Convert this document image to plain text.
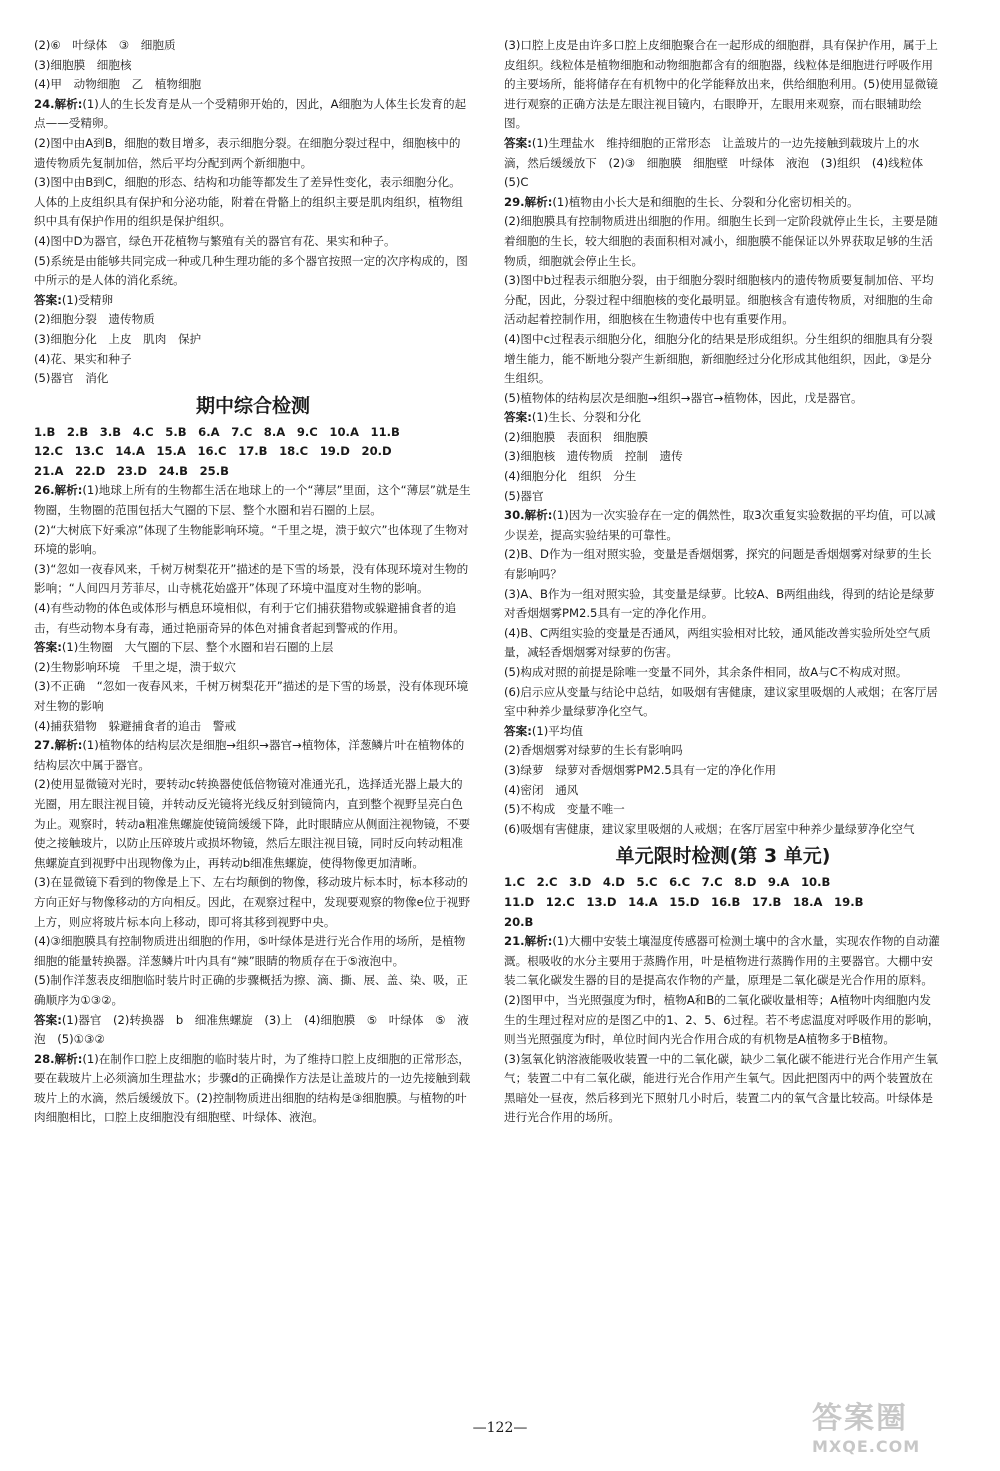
(2)⑥　叶绿体　③　细胞质

(3)细胞膜　细胞核

(4)甲　动物细胞　乙　植物细胞

24.解析:(1)人的生长发育是从一个受精卵开始的，因此，A细胞为人体生长发育的起点——受精卵。

(2)图中由A到B，细胞的数目增多，表示细胞分裂。在细胞分裂过程中，细胞核中的遗传物质先复制加倍，然后平均分配到两个新细胞中。

(3)图中由B到C，细胞的形态、结构和功能等都发生了差异性变化，表示细胞分化。人体的上皮组织具有保护和分泌功能，附着在骨骼上的组织主要是肌肉组织，植物组织中具有保护作用的组织是保护组织。

(4)图中D为器官，绿色开花植物与繁殖有关的器官有花、果实和种子。

(5)系统是由能够共同完成一种或几种生理功能的多个器官按照一定的次序构成的，图中所示的是人体的消化系统。

答案:(1)受精卵

(2)细胞分裂　遗传物质

(3)细胞分化　上皮　肌肉　保护

(4)花、果实和种子

(5)器官　消化

期中综合检测

1.B　2.B　3.B　4.C　5.B　6.A　7.C　8.A　9.C　10.A　11.B

12.C　13.C　14.A　15.A　16.C　17.B　18.C　19.D　20.D

21.A　22.D　23.D　24.B　25.B

26.解析:(1)地球上所有的生物都生活在地球上的一个“薄层”里面，这个“薄层”就是生物圈，生物圈的范围包括大气圈的下层、整个水圈和岩石圈的上层。

(2)“大树底下好乘凉”体现了生物能影响环境。“千里之堤，溃于蚁穴”也体现了生物对环境的影响。

(3)“忽如一夜春风来，千树万树梨花开”描述的是下雪的场景，没有体现环境对生物的影响；“人间四月芳菲尽，山寺桃花始盛开”体现了环境中温度对生物的影响。

(4)有些动物的体色或体形与栖息环境相似，有利于它们捕获猎物或躲避捕食者的追击，有些动物本身有毒，通过艳丽奇异的体色对捕食者起到警戒的作用。

答案:(1)生物圈　大气圈的下层、整个水圈和岩石圈的上层

(2)生物影响环境　千里之堤，溃于蚁穴

(3)不正确　“忽如一夜春风来，千树万树梨花开”描述的是下雪的场景，没有体现环境对生物的影响

(4)捕获猎物　躲避捕食者的追击　警戒

27.解析:(1)植物体的结构层次是细胞→组织→器官→植物体，洋葱鳞片叶在植物体的结构层次中属于器官。

(2)使用显微镜对光时，要转动c转换器使低倍物镜对准通光孔，选择适光器上最大的光圈，用左眼注视目镜，并转动反光镜将光线反射到镜筒内，直到整个视野呈亮白色为止。观察时，转动a粗准焦螺旋使镜筒缓缓下降，此时眼睛应从侧面注视物镜，不要使之接触玻片，以防止压碎玻片或损坏物镜，然后左眼注视目镜，同时反向转动粗准焦螺旋直到视野中出现物像为止，再转动b细准焦螺旋，使得物像更加清晰。

(3)在显微镜下看到的物像是上下、左右均颠倒的物像，移动玻片标本时，标本移动的方向正好与物像移动的方向相反。因此，在观察过程中，发现要观察的物像e位于视野上方，则应将玻片标本向上移动，即可将其移到视野中央。

(4)③细胞膜具有控制物质进出细胞的作用，⑤叶绿体是进行光合作用的场所，是植物细胞的能量转换器。洋葱鳞片叶内具有“辣”眼睛的物质存在于⑤液泡中。

(5)制作洋葱表皮细胞临时装片时正确的步骤概括为擦、滴、撕、展、盖、染、吸，正确顺序为①③②。

答案:(1)器官　(2)转换器　b　细准焦螺旋　(3)上　(4)细胞膜　⑤　叶绿体　⑤　液泡　(5)①③②

28.解析:(1)在制作口腔上皮细胞的临时装片时，为了维持口腔上皮细胞的正常形态，要在载玻片上必须滴加生理盐水；步骤d的正确操作方法是让盖玻片的一边先接触到载玻片上的水滴，然后缓缓放下。(2)控制物质进出细胞的结构是③细胞膜。与植物的叶肉细胞相比，口腔上皮细胞没有细胞壁、叶绿体、液泡。

(3)口腔上皮是由许多口腔上皮细胞聚合在一起形成的细胞群，具有保护作用，属于上皮组织。线粒体是植物细胞和动物细胞都含有的细胞器，线粒体是细胞进行呼吸作用的主要场所，能将储存在有机物中的化学能释放出来，供给细胞利用。(5)使用显微镜进行观察的正确方法是左眼注视目镜内，右眼睁开，左眼用来观察，而右眼辅助绘图。

答案:(1)生理盐水　维持细胞的正常形态　让盖玻片的一边先接触到载玻片上的水滴，然后缓缓放下　(2)③　细胞膜　细胞壁　叶绿体　液泡　(3)组织　(4)线粒体　(5)C

29.解析:(1)植物由小长大是和细胞的生长、分裂和分化密切相关的。

(2)细胞膜具有控制物质进出细胞的作用。细胞生长到一定阶段就停止生长，主要是随着细胞的生长，较大细胞的表面积相对减小，细胞膜不能保证以外界获取足够的生活物质，细胞就会停止生长。

(3)图中b过程表示细胞分裂，由于细胞分裂时细胞核内的遗传物质要复制加倍、平均分配，因此，分裂过程中细胞核的变化最明显。细胞核含有遗传物质，对细胞的生命活动起着控制作用，细胞核在生物遗传中也有重要作用。

(4)图中c过程表示细胞分化，细胞分化的结果是形成组织。分生组织的细胞具有分裂增生能力，能不断地分裂产生新细胞，新细胞经过分化形成其他组织，因此，③是分生组织。

(5)植物体的结构层次是细胞→组织→器官→植物体，因此，戊是器官。

答案:(1)生长、分裂和分化

(2)细胞膜　表面积　细胞膜

(3)细胞核　遗传物质　控制　遗传

(4)细胞分化　组织　分生

(5)器官

30.解析:(1)因为一次实验存在一定的偶然性，取3次重复实验数据的平均值，可以减少误差，提高实验结果的可靠性。

(2)B、D作为一组对照实验，变量是香烟烟雾，探究的问题是香烟烟雾对绿萝的生长有影响吗？

(3)A、B作为一组对照实验，其变量是绿萝。比较A、B两组曲线，得到的结论是绿萝对香烟烟雾PM2.5具有一定的净化作用。

(4)B、C两组实验的变量是否通风，两组实验相对比较，通风能改善实验所处空气质量，减轻香烟烟雾对绿萝的伤害。

(5)构成对照的前提是除唯一变量不同外，其余条件相同，故A与C不构成对照。

(6)启示应从变量与结论中总结，如吸烟有害健康，建议家里吸烟的人戒烟；在客厅居室中种养少量绿萝净化空气。

答案:(1)平均值

(2)香烟烟雾对绿萝的生长有影响吗

(3)绿萝　绿萝对香烟烟雾PM2.5具有一定的净化作用

(4)密闭　通风

(5)不构成　变量不唯一

(6)吸烟有害健康，建议家里吸烟的人戒烟；在客厅居室中种养少量绿萝净化空气

单元限时检测(第 3 单元)

1.C　2.C　3.D　4.D　5.C　6.C　7.C　8.D　9.A　10.B

11.D　12.C　13.D　14.A　15.D　16.B　17.B　18.A　19.B

20.B

21.解析:(1)大棚中安装土壤湿度传感器可检测土壤中的含水量，实现农作物的自动灌溉。根吸收的水分主要用于蒸腾作用，叶是植物进行蒸腾作用的主要器官。大棚中安装二氧化碳发生器的目的是提高农作物的产量，原理是二氧化碳是光合作用的原料。

(2)图甲中，当光照强度为f时，植物A和B的二氧化碳收量相等；A植物叶肉细胞内发生的生理过程对应的是图乙中的1、2、5、6过程。若不考虑温度对呼吸作用的影响，则当光照强度为f时，单位时间内光合作用合成的有机物是A植物多于B植物。

(3)氢氧化钠溶液能吸收装置一中的二氧化碳，缺少二氧化碳不能进行光合作用产生氧气；装置二中有二氧化碳，能进行光合作用产生氧气。因此把图丙中的两个装置放在黑暗处一昼夜，然后移到光下照射几小时后，装置二内的氧气含量比较高。叶绿体是进行光合作用的场所。

—122—	答案圈
MXQE.COM
